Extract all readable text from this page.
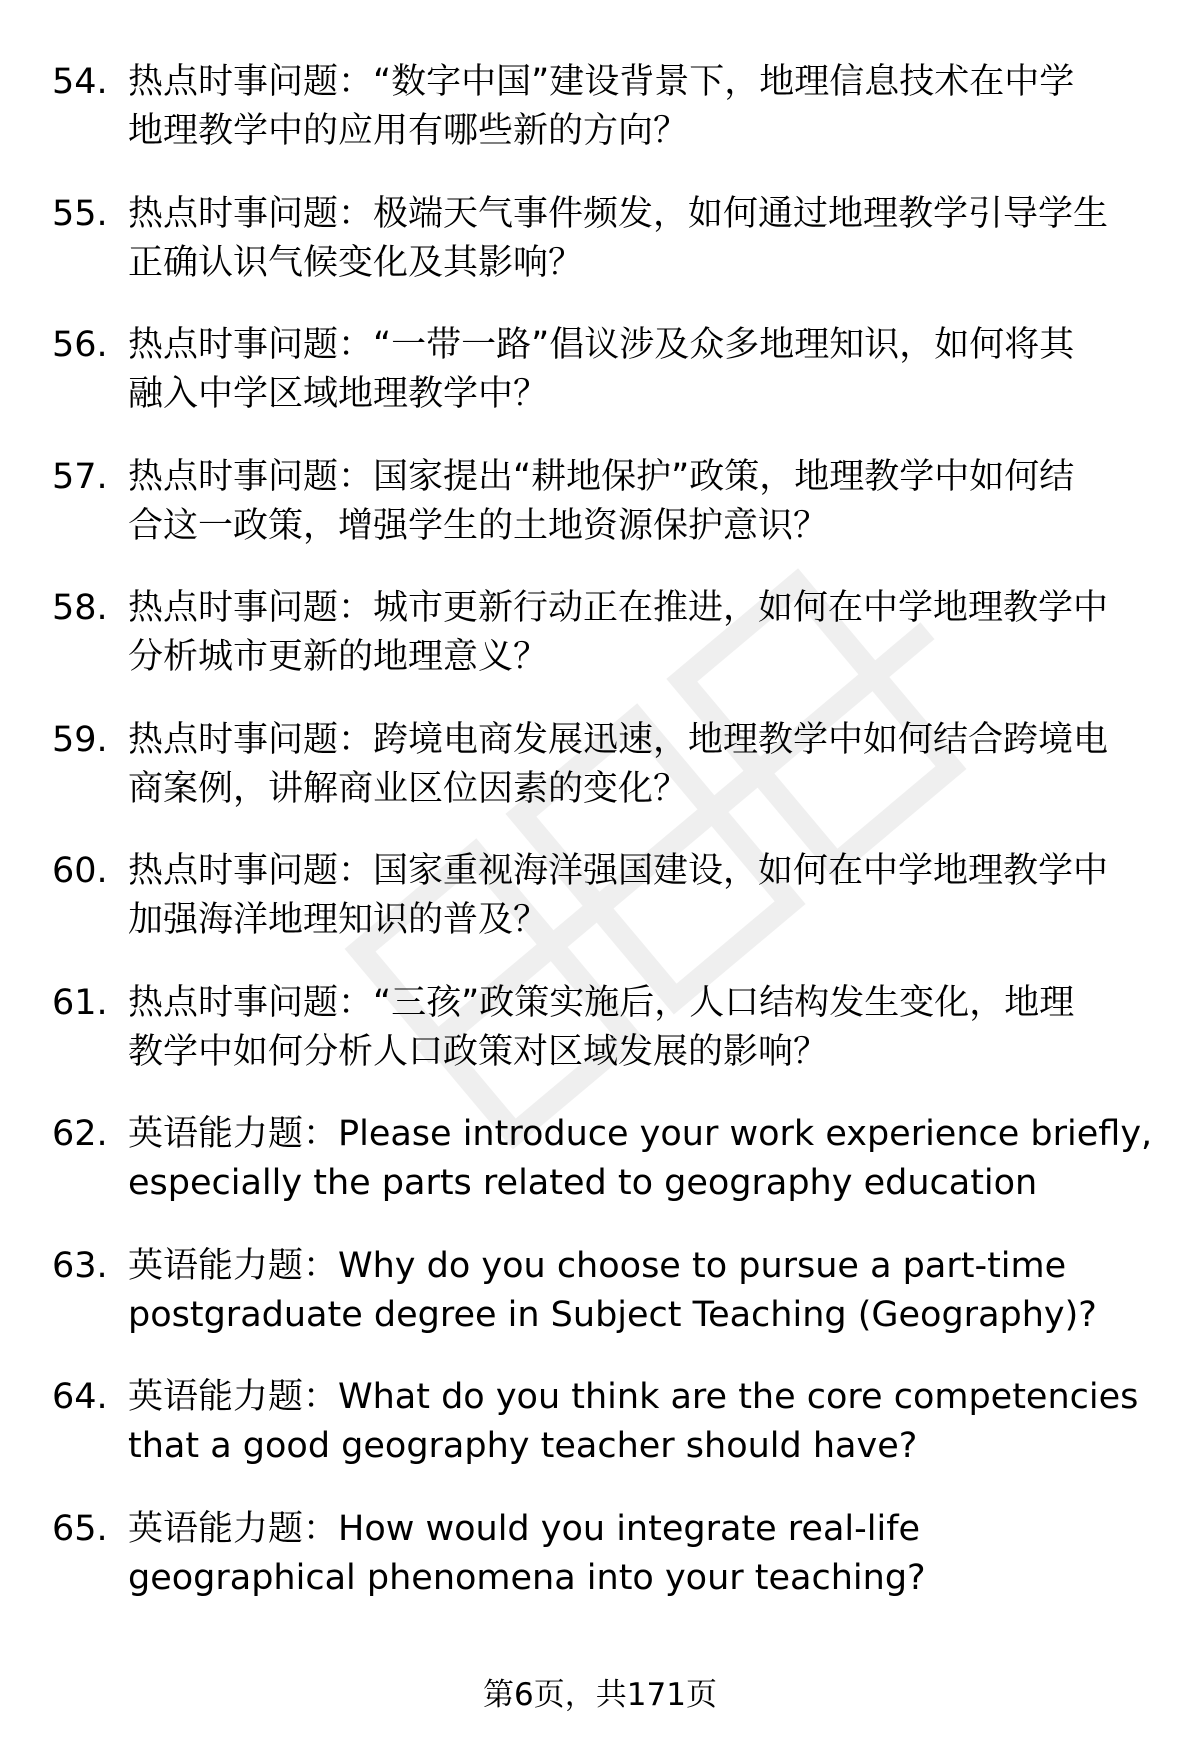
54. 热点时事问题：“数字中国”建设背景下，地理信息技术在中学
地理教学中的应用有哪些新的方向？
55. 热点时事问题：极端天气事件频发，如何通过地理教学引导学生
正确认识气候变化及其影响？
56. 热点时事问题：“一带一路”倡议涉及众多地理知识，如何将其
融入中学区域地理教学中？
57. 热点时事问题：国家提出“耕地保护”政策，地理教学中如何结
合这一政策，增强学生的土地资源保护意识？
58. 热点时事问题：城市更新行动正在推进，如何在中学地理教学中
分析城市更新的地理意义？
59. 热点时事问题：跨境电商发展迅速，地理教学中如何结合跨境电
商案例，讲解商业区位因素的变化？
60. 热点时事问题：国家重视海洋强国建设，如何在中学地理教学中
加强海洋地理知识的普及？
61. 热点时事问题：“三孩”政策实施后，人口结构发生变化，地理
教学中如何分析人口政策对区域发展的影响？
62. 英语能力题：Please introduce your work experience briefly,
especially the parts related to geography education
63. 英语能力题：Why do you choose to pursue a part-time
postgraduate degree in Subject Teaching (Geography)?
64. 英语能力题：What do you think are the core competencies
that a good geography teacher should have?
65. 英语能力题：How would you integrate real-life
geographical phenomena into your teaching?
第6页，共171页
